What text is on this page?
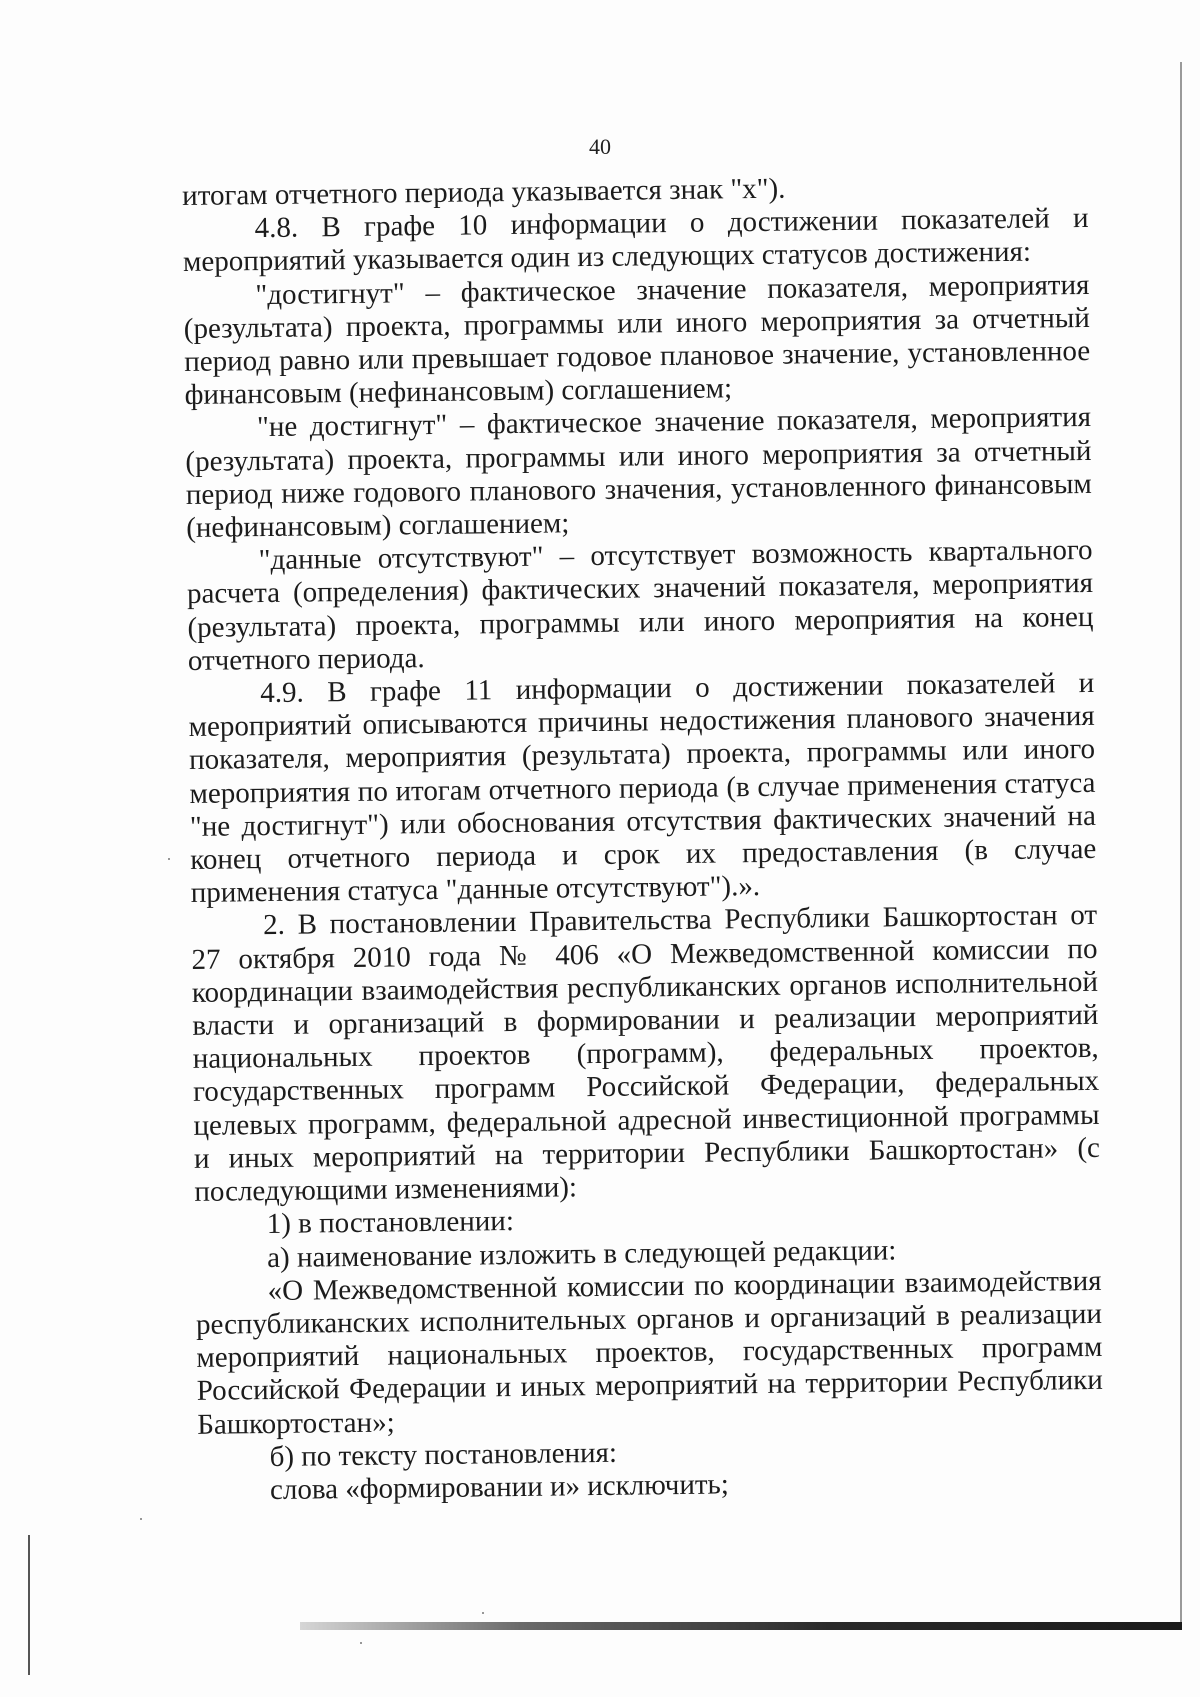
40

итогам отчетного периода указывается знак "х").

4.8. В графе 10 информации о достижении показателей и мероприятий указывается один из следующих статусов достижения:

"достигнут" – фактическое значение показателя, мероприятия (результата) проекта, программы или иного мероприятия за отчетный период равно или превышает годовое плановое значение, установленное финансовым (нефинансовым) соглашением;

"не достигнут" – фактическое значение показателя, мероприятия (результата) проекта, программы или иного мероприятия за отчетный период ниже годового планового значения, установленного финансовым (нефинансовым) соглашением;

"данные отсутствуют" – отсутствует возможность квартального расчета (определения) фактических значений показателя, мероприятия (результата) проекта, программы или иного мероприятия на конец отчетного периода.

4.9. В графе 11 информации о достижении показателей и мероприятий описываются причины недостижения планового значения показателя, мероприятия (результата) проекта, программы или иного мероприятия по итогам отчетного периода (в случае применения статуса "не достигнут") или обоснования отсутствия фактических значений на конец отчетного периода и срок их предоставления (в случае применения статуса "данные отсутствуют").».

2. В постановлении Правительства Республики Башкортостан от 27 октября 2010 года № 406 «О Межведомственной комиссии по координации взаимодействия республиканских органов исполнительной власти и организаций в формировании и реализации мероприятий национальных проектов (программ), федеральных проектов, государственных программ Российской Федерации, федеральных целевых программ, федеральной адресной инвестиционной программы и иных мероприятий на территории Республики Башкортостан» (с последующими изменениями):

1) в постановлении:

а) наименование изложить в следующей редакции:

«О Межведомственной комиссии по координации взаимодействия республиканских исполнительных органов и организаций в реализации мероприятий национальных проектов, государственных программ Российской Федерации и иных мероприятий на территории Республики Башкортостан»;

б) по тексту постановления:

слова «формировании и» исключить;
